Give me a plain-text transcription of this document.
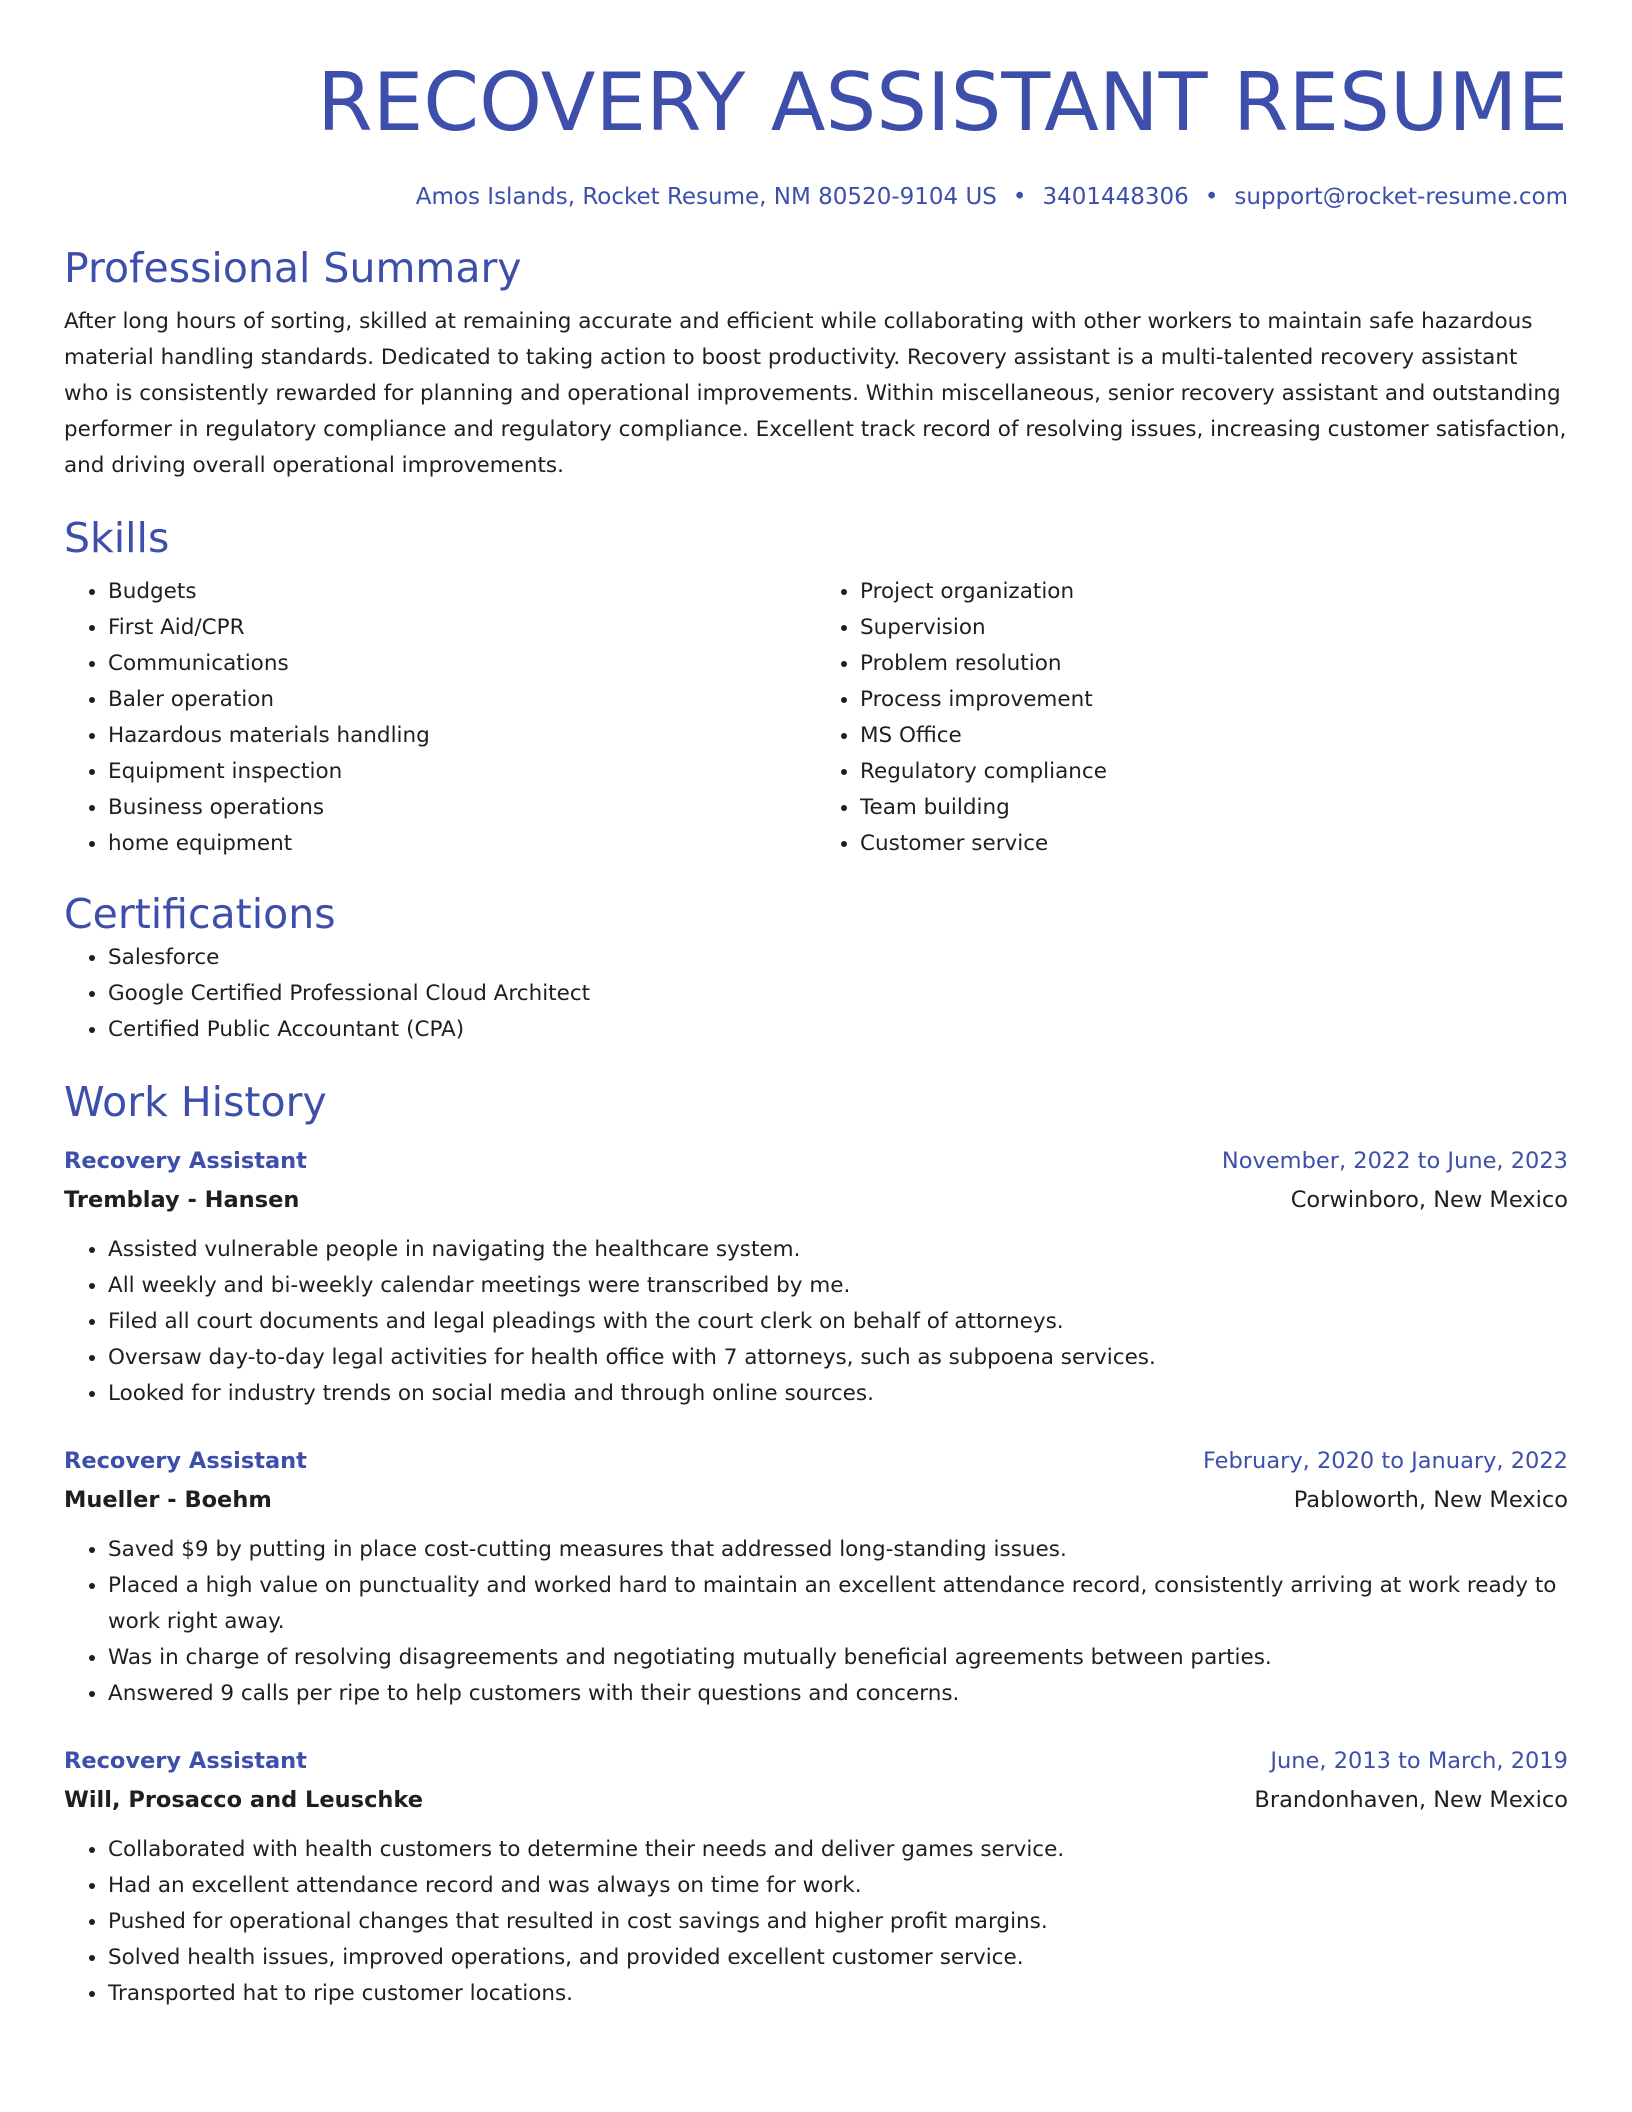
RECOVERY ASSISTANT RESUME
Amos Islands, Rocket Resume, NM 80520-9104 US • 3401448306 • support@rocket-resume.com
Professional Summary
After long hours of sorting, skilled at remaining accurate and efficient while collaborating with other workers to maintain safe hazardous material handling standards. Dedicated to taking action to boost productivity. Recovery assistant is a multi-talented recovery assistant who is consistently rewarded for planning and operational improvements. Within miscellaneous, senior recovery assistant and outstanding performer in regulatory compliance and regulatory compliance. Excellent track record of resolving issues, increasing customer satisfaction, and driving overall operational improvements.
Skills
• Budgets
• First Aid/CPR
• Communications
• Baler operation
• Hazardous materials handling
• Equipment inspection
• Business operations
• home equipment
• Project organization
• Supervision
• Problem resolution
• Process improvement
• MS Office
• Regulatory compliance
• Team building
• Customer service
Certifications
• Salesforce
• Google Certified Professional Cloud Architect
• Certified Public Accountant (CPA)
Work History
Recovery Assistant	November, 2022 to June, 2023
Tremblay - Hansen	Corwinboro, New Mexico
• Assisted vulnerable people in navigating the healthcare system.
• All weekly and bi-weekly calendar meetings were transcribed by me.
• Filed all court documents and legal pleadings with the court clerk on behalf of attorneys.
• Oversaw day-to-day legal activities for health office with 7 attorneys, such as subpoena services.
• Looked for industry trends on social media and through online sources.
Recovery Assistant	February, 2020 to January, 2022
Mueller - Boehm	Pabloworth, New Mexico
• Saved $9 by putting in place cost-cutting measures that addressed long-standing issues.
• Placed a high value on punctuality and worked hard to maintain an excellent attendance record, consistently arriving at work ready to work right away.
• Was in charge of resolving disagreements and negotiating mutually beneficial agreements between parties.
• Answered 9 calls per ripe to help customers with their questions and concerns.
Recovery Assistant	June, 2013 to March, 2019
Will, Prosacco and Leuschke	Brandonhaven, New Mexico
• Collaborated with health customers to determine their needs and deliver games service.
• Had an excellent attendance record and was always on time for work.
• Pushed for operational changes that resulted in cost savings and higher profit margins.
• Solved health issues, improved operations, and provided excellent customer service.
• Transported hat to ripe customer locations.
